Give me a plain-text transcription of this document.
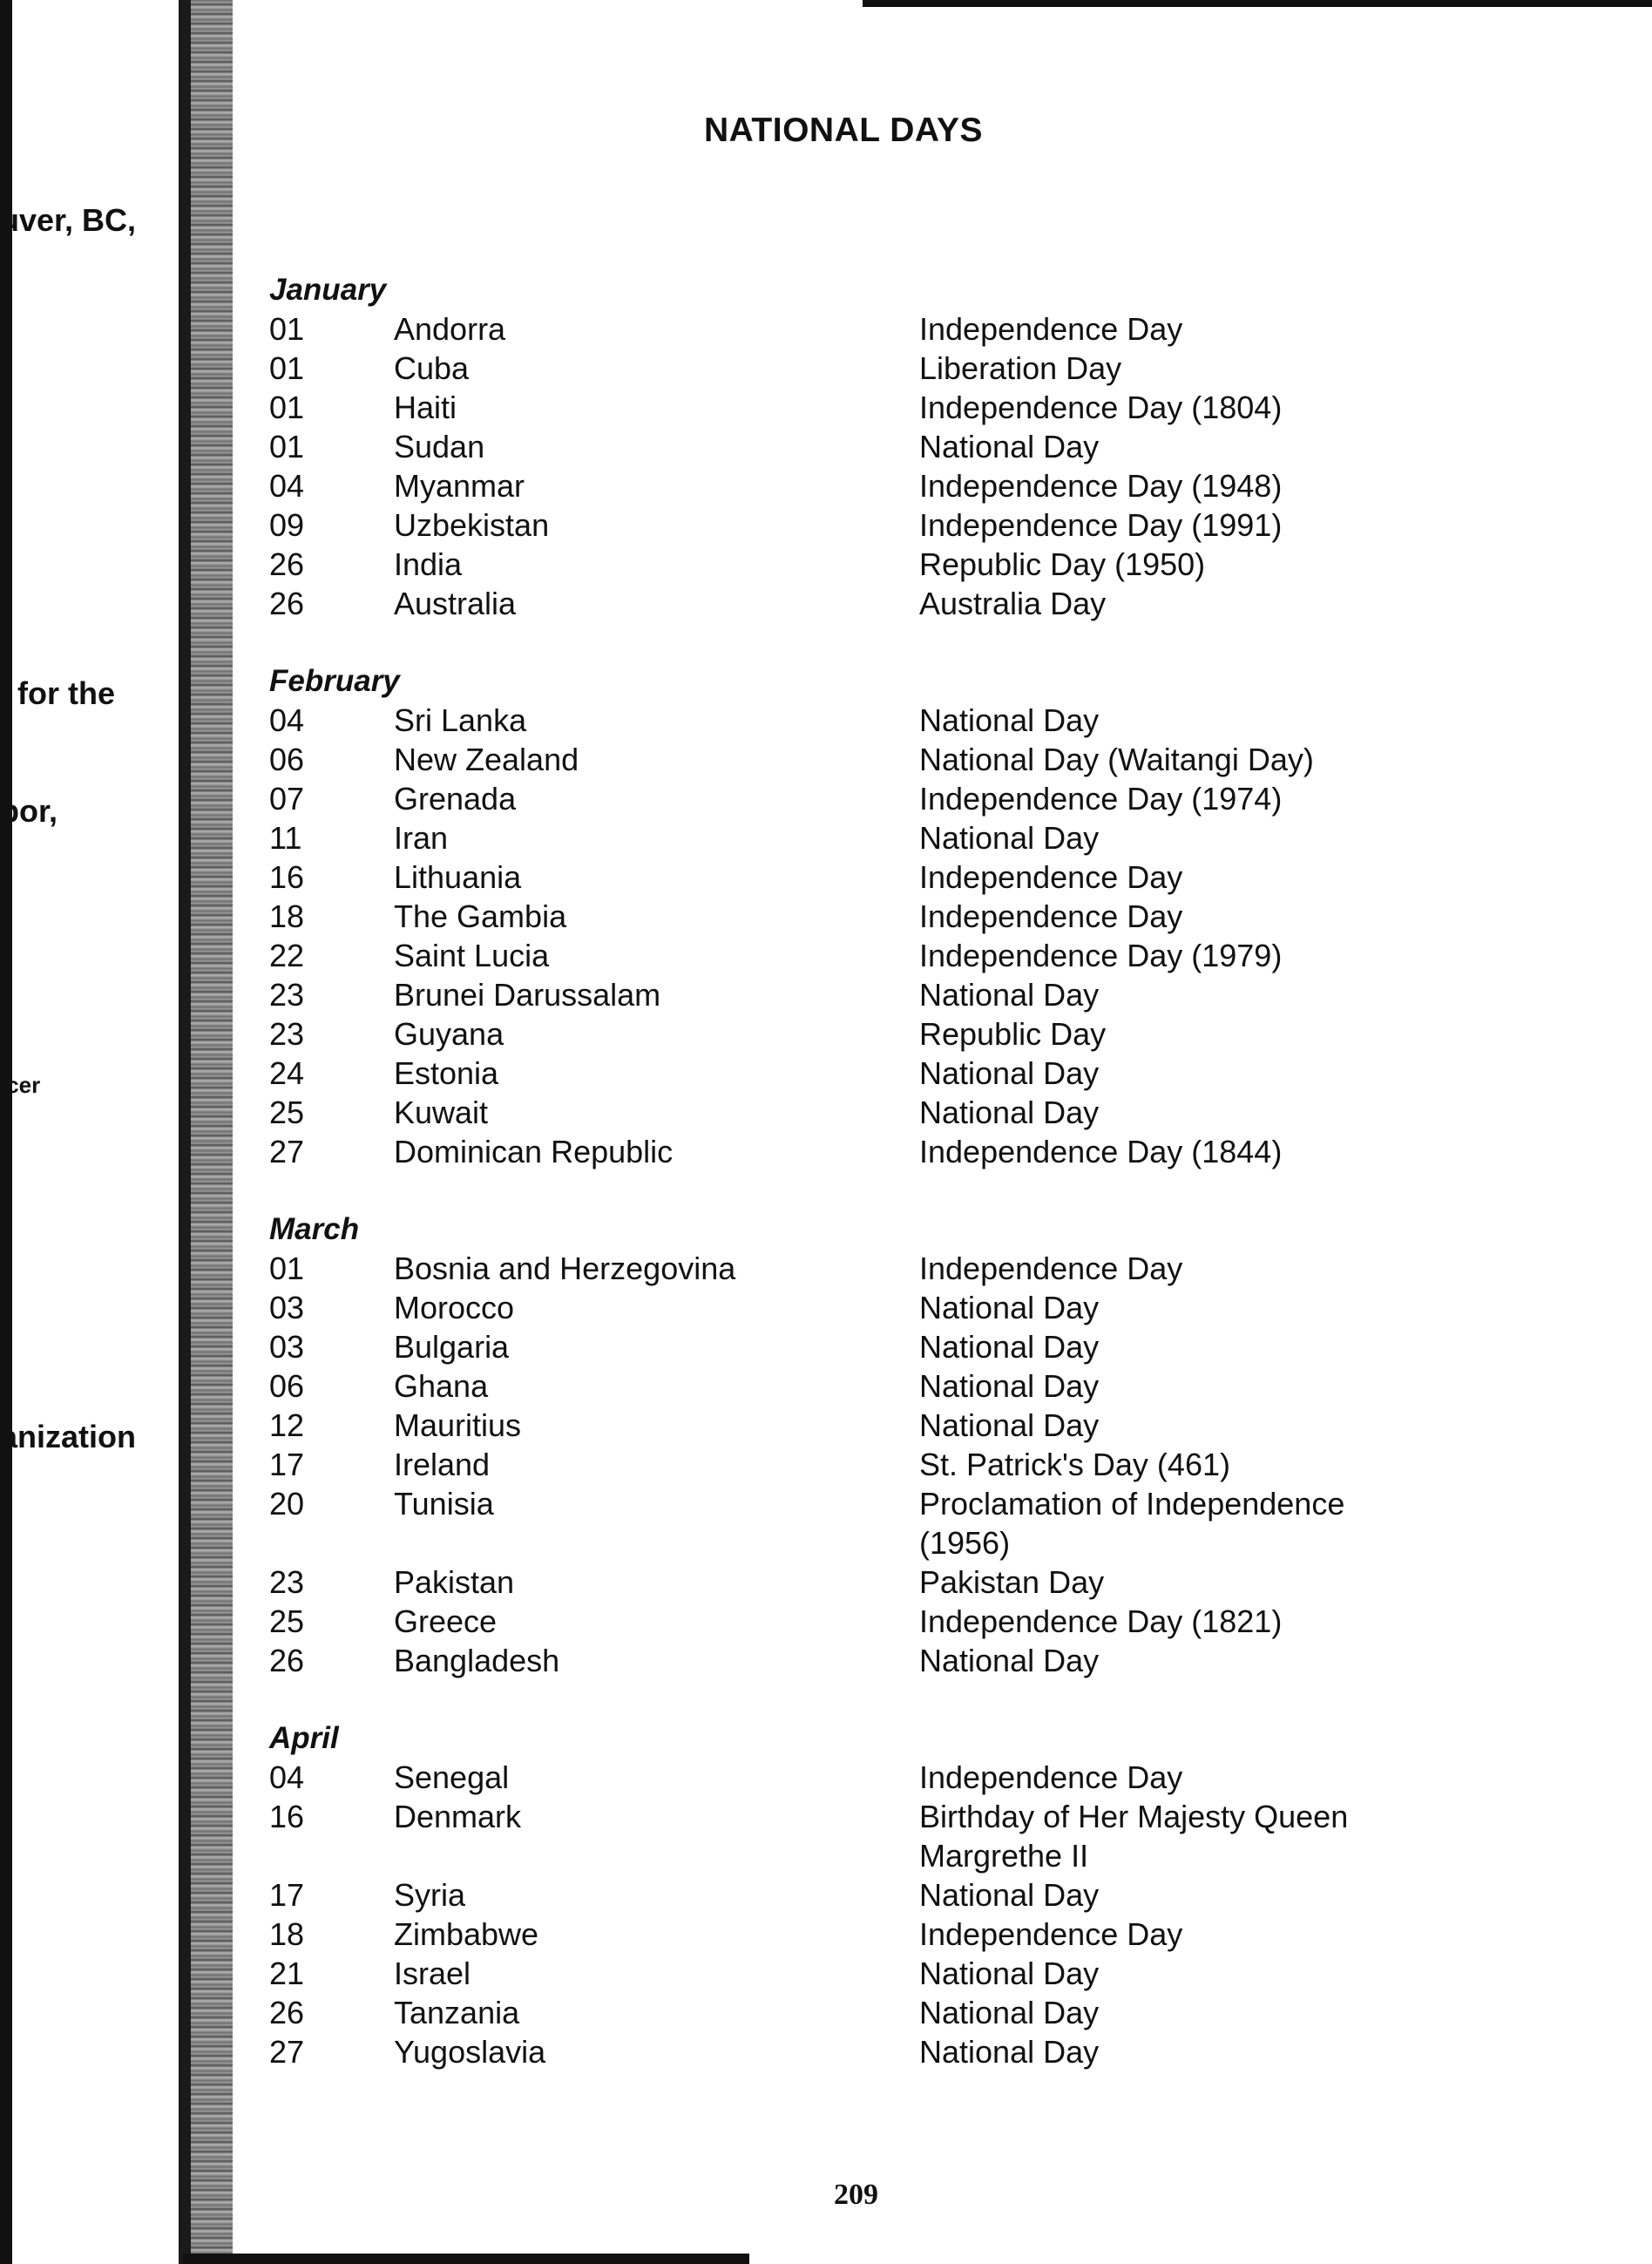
uver, BC,
l for the
bor,
icer
anization
NATIONAL DAYS
January
01	Andorra	Independence Day
01	Cuba	Liberation Day
01	Haiti	Independence Day (1804)
01	Sudan	National Day
04	Myanmar	Independence Day (1948)
09	Uzbekistan	Independence Day (1991)
26	India	Republic Day (1950)
26	Australia	Australia Day
February
04	Sri Lanka	National Day
06	New Zealand	National Day (Waitangi Day)
07	Grenada	Independence Day (1974)
11	Iran	National Day
16	Lithuania	Independence Day
18	The Gambia	Independence Day
22	Saint Lucia	Independence Day (1979)
23	Brunei Darussalam	National Day
23	Guyana	Republic Day
24	Estonia	National Day
25	Kuwait	National Day
27	Dominican Republic	Independence Day (1844)
March
01	Bosnia and Herzegovina	Independence Day
03	Morocco	National Day
03	Bulgaria	National Day
06	Ghana	National Day
12	Mauritius	National Day
17	Ireland	St. Patrick's Day (461)
20	Tunisia	Proclamation of Independence
(1956)
23	Pakistan	Pakistan Day
25	Greece	Independence Day (1821)
26	Bangladesh	National Day
April
04	Senegal	Independence Day
16	Denmark	Birthday of Her Majesty Queen
Margrethe II
17	Syria	National Day
18	Zimbabwe	Independence Day
21	Israel	National Day
26	Tanzania	National Day
27	Yugoslavia	National Day
209
